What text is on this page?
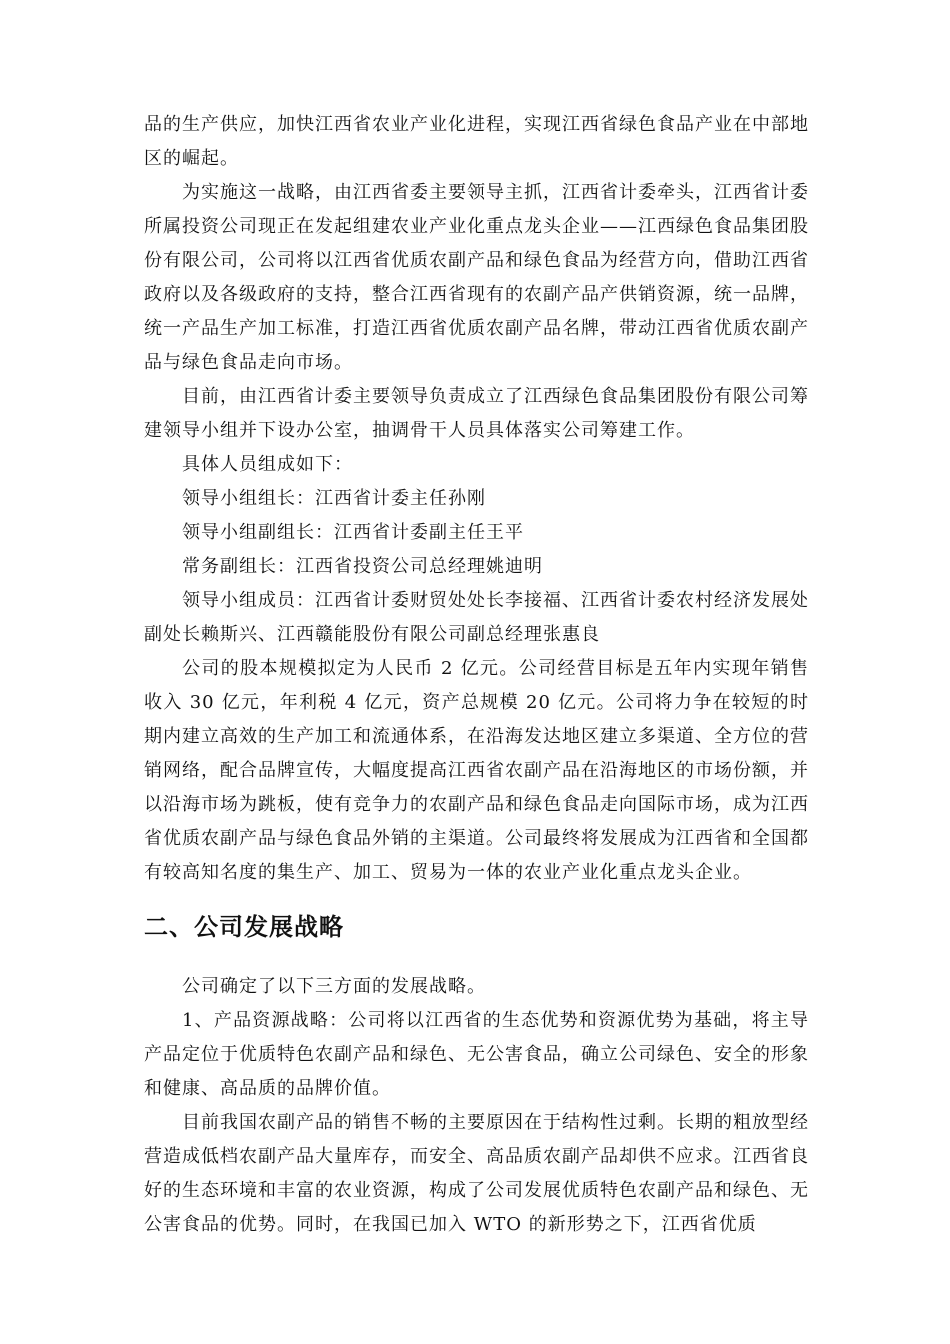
品的生产供应，加快江西省农业产业化进程，实现江西省绿色食品产业在中部地区的崛起。

为实施这一战略，由江西省委主要领导主抓，江西省计委牵头，江西省计委所属投资公司现正在发起组建农业产业化重点龙头企业——江西绿色食品集团股份有限公司，公司将以江西省优质农副产品和绿色食品为经营方向，借助江西省政府以及各级政府的支持，整合江西省现有的农副产品产供销资源，统一品牌，统一产品生产加工标准，打造江西省优质农副产品名牌，带动江西省优质农副产品与绿色食品走向市场。

目前，由江西省计委主要领导负责成立了江西绿色食品集团股份有限公司筹建领导小组并下设办公室，抽调骨干人员具体落实公司筹建工作。

具体人员组成如下：

领导小组组长：江西省计委主任孙刚

领导小组副组长：江西省计委副主任王平

常务副组长：江西省投资公司总经理姚迪明

领导小组成员：江西省计委财贸处处长李接福、江西省计委农村经济发展处副处长赖斯兴、江西赣能股份有限公司副总经理张惠良

公司的股本规模拟定为人民币 2 亿元。公司经营目标是五年内实现年销售收入 30 亿元，年利税 4 亿元，资产总规模 20 亿元。公司将力争在较短的时期内建立高效的生产加工和流通体系，在沿海发达地区建立多渠道、全方位的营销网络，配合品牌宣传，大幅度提高江西省农副产品在沿海地区的市场份额，并以沿海市场为跳板，使有竞争力的农副产品和绿色食品走向国际市场，成为江西省优质农副产品与绿色食品外销的主渠道。公司最终将发展成为江西省和全国都有较高知名度的集生产、加工、贸易为一体的农业产业化重点龙头企业。

二、公司发展战略

公司确定了以下三方面的发展战略。

1、产品资源战略：公司将以江西省的生态优势和资源优势为基础，将主导产品定位于优质特色农副产品和绿色、无公害食品，确立公司绿色、安全的形象和健康、高品质的品牌价值。

目前我国农副产品的销售不畅的主要原因在于结构性过剩。长期的粗放型经营造成低档农副产品大量库存，而安全、高品质农副产品却供不应求。江西省良好的生态环境和丰富的农业资源，构成了公司发展优质特色农副产品和绿色、无公害食品的优势。同时，在我国已加入 WTO 的新形势之下，江西省优质
